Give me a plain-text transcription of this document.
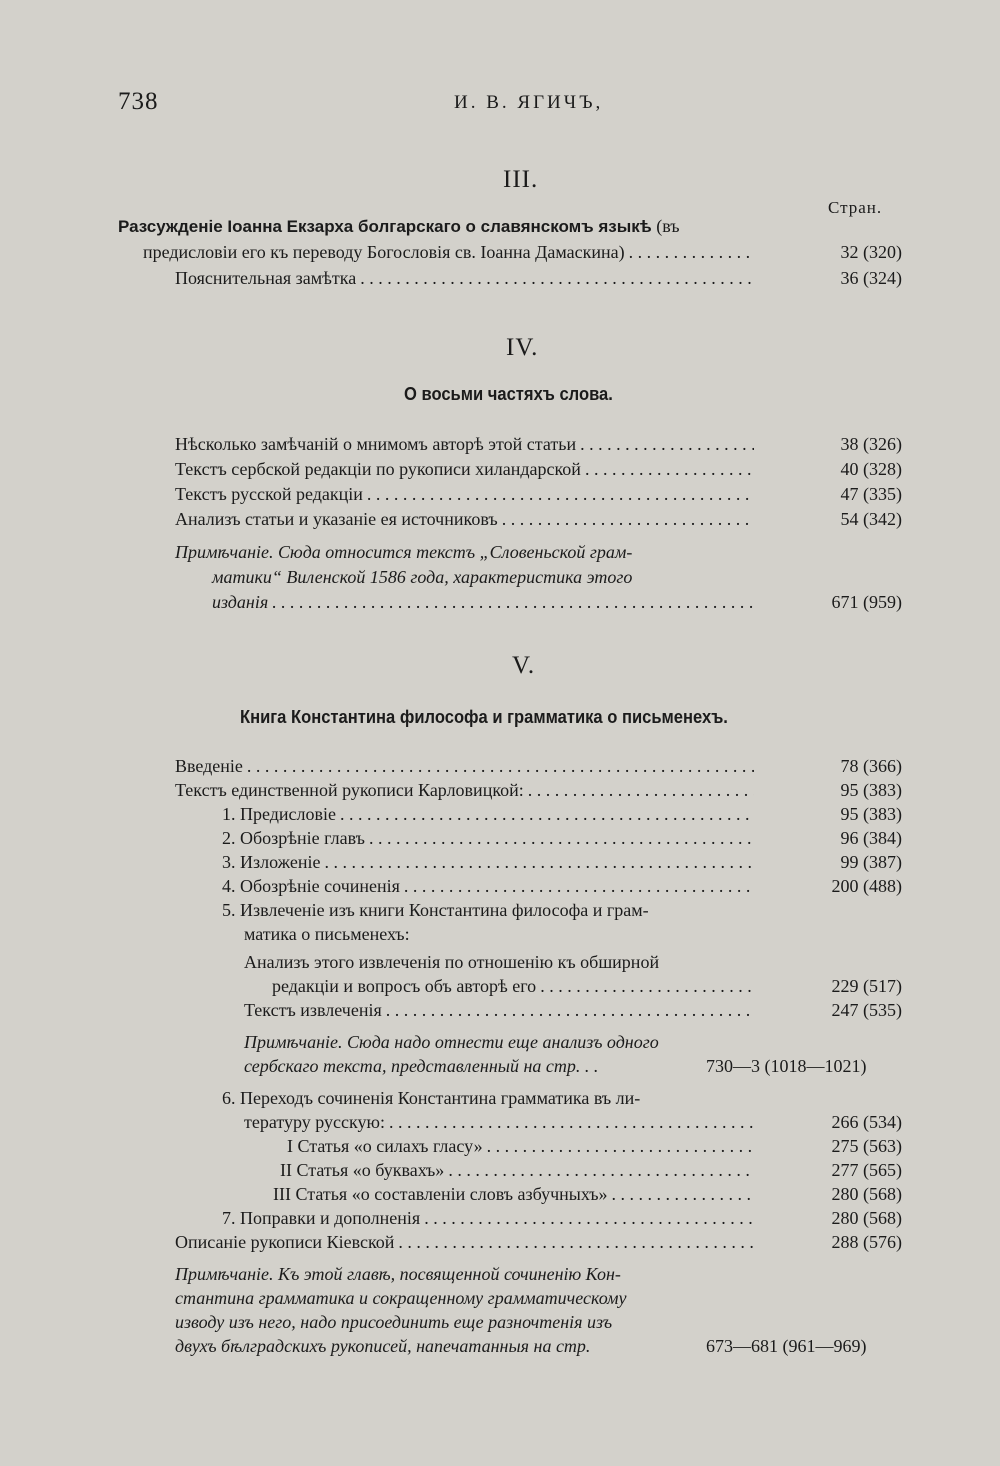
738	И. В. ЯГИЧЪ,
III.
Стран.
Разсужденіе Іоанна Екзарха болгарскаго о славянскомъ языкѣ (въ
предисловіи его къ переводу Богословія св. Іоанна Дамаскина) . . .	32 (320)
Пояснительная замѣтка . . .	36 (324)
IV.
О восьми частяхъ слова.
Нѣсколько замѣчаній о мнимомъ авторѣ этой статьи . . .	38 (326)
Текстъ сербской редакціи по рукописи хиландарской . . .	40 (328)
Текстъ русской редакціи . . .	47 (335)
Анализъ статьи и указаніе ея источниковъ . . .	54 (342)
Примѣчаніе. Сюда относится текстъ „Словеньской грам-
матики“ Виленской 1586 года, характеристика этого
изданія . . .	671 (959)
V.
Книга Константина философа и грамматика о письменехъ.
Введеніе . . .	78 (366)
Текстъ единственной рукописи Карловицкой: . . .	95 (383)
1. Предисловіе . . .	95 (383)
2. Обозрѣніе главъ . . .	96 (384)
3. Изложеніе . . .	99 (387)
4. Обозрѣніе сочиненія . . .	200 (488)
5. Извлеченіе изъ книги Константина философа и грам-
матика о письменехъ:
Анализъ этого извлеченія по отношенію къ обширной
редакціи и вопросъ объ авторѣ его . . .	229 (517)
Текстъ извлеченія . . .	247 (535)
Примѣчаніе. Сюда надо отнести еще анализъ одного
сербскаго текста, представленный на стр. . .	730—3 (1018—1021)
6. Переходъ сочиненія Константина грамматика въ ли-
тературу русскую: . . .	266 (534)
I Статья «о силахъ гласу» . . .	275 (563)
II Статья «о буквахъ» . . .	277 (565)
III Статья «о составленіи словъ азбучныхъ» . . .	280 (568)
7. Поправки и дополненія . . .	280 (568)
Описаніе рукописи Кіевской . . .	288 (576)
Примѣчаніе. Къ этой главѣ, посвященной сочиненію Кон-
стантина грамматика и сокращенному грамматическому
изводу изъ него, надо присоединить еще разночтенія изъ
двухъ бѣлградскихъ рукописей, напечатанныя на стр.	673—681 (961—969)
